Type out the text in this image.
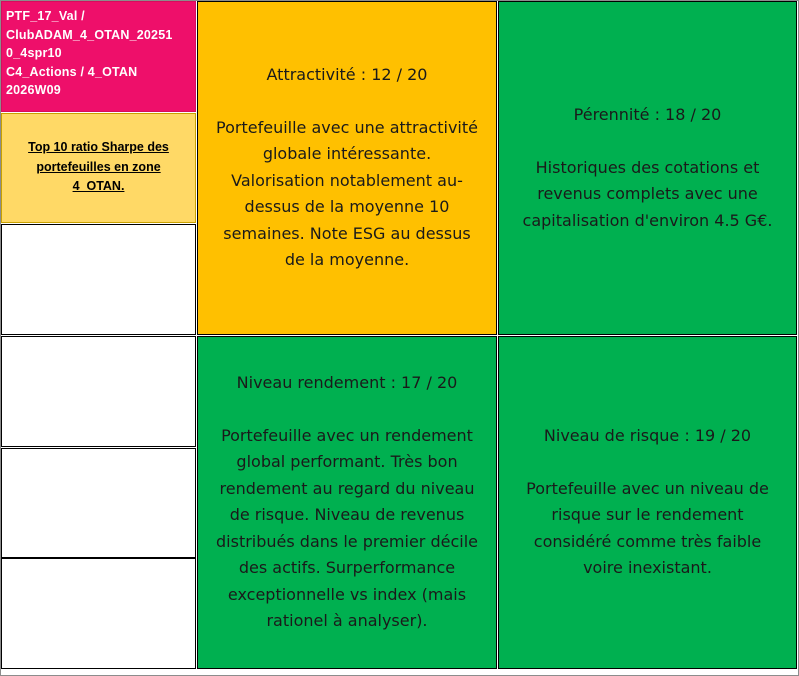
PTF_17_Val /
ClubADAM_4_OTAN_20251
0_4spr10
C4_Actions / 4_OTAN
2026W09
Top 10 ratio Sharpe des
portefeuilles en zone
4_OTAN.
Attractivité : 12 / 20
Portefeuille avec une attractivité
globale intéressante.
Valorisation notablement au-
dessus de la moyenne 10
semaines. Note ESG au dessus
de la moyenne.
Pérennité : 18 / 20
Historiques des cotations et
revenus complets avec une
capitalisation d'environ 4.5 G€.
Niveau rendement : 17 / 20
Portefeuille avec un rendement
global performant. Très bon
rendement au regard du niveau
de risque. Niveau de revenus
distribués dans le premier décile
des actifs. Surperformance
exceptionnelle vs index (mais
rationel à analyser).
Niveau de risque : 19 / 20
Portefeuille avec un niveau de
risque sur le rendement
considéré comme très faible
voire inexistant.
